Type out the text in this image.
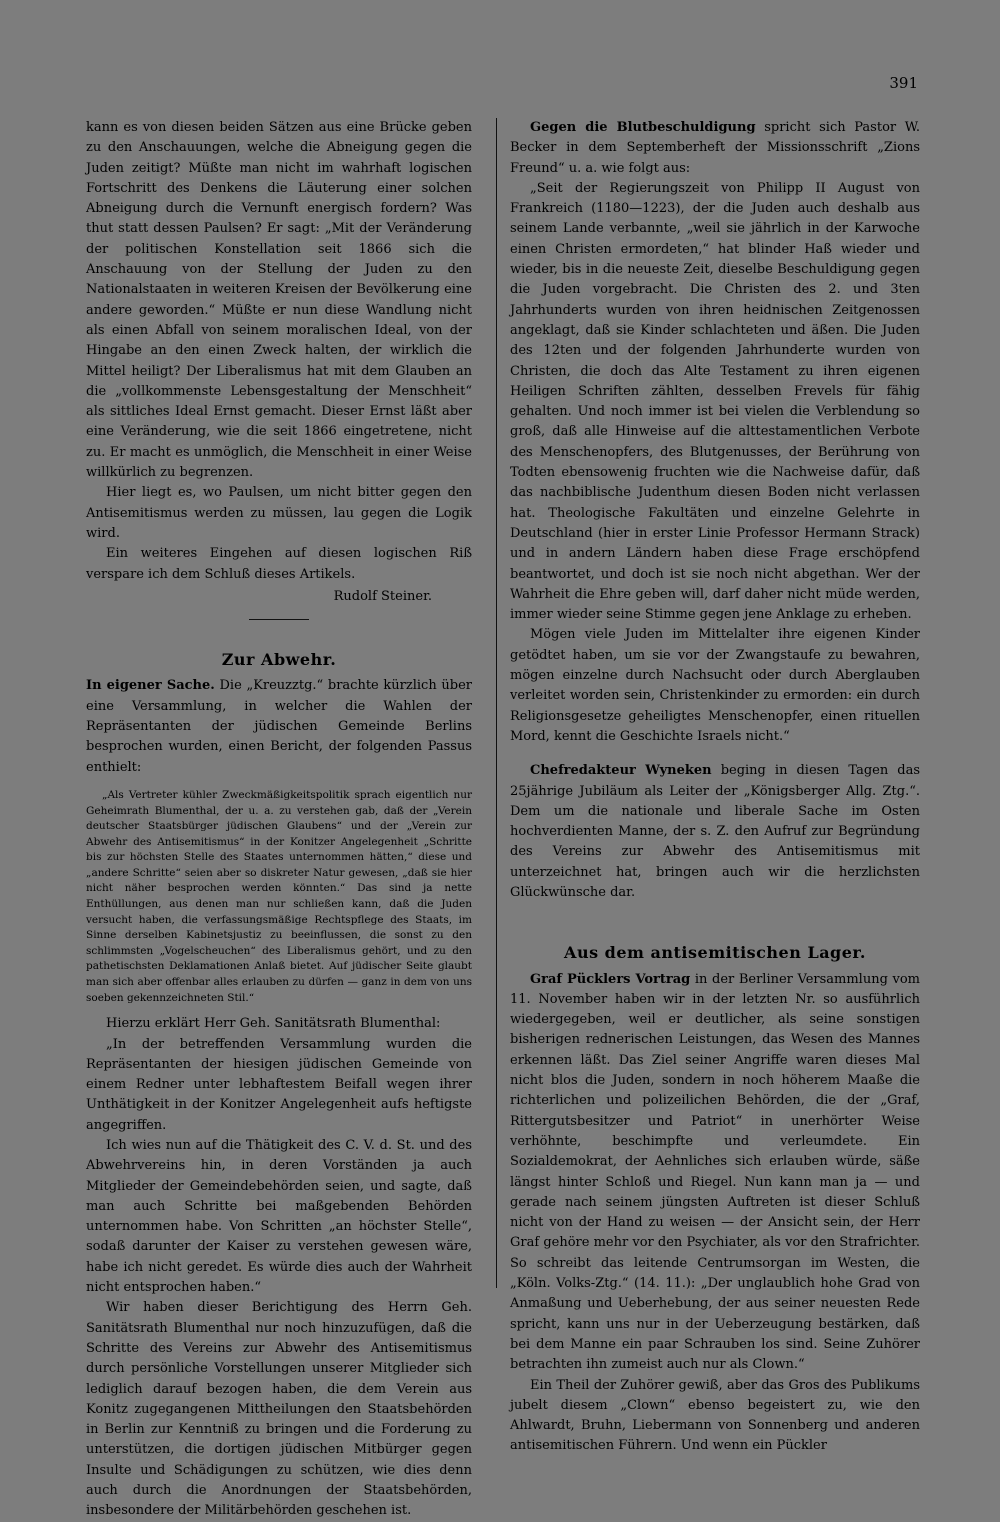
391

kann es von diesen beiden Sätzen aus eine Brücke geben zu den Anschauungen, welche die Abneigung gegen die Juden zeitigt? Müßte man nicht im wahrhaft logischen Fortschritt des Denkens die Läuterung einer solchen Abneigung durch die Vernunft energisch fordern? Was thut statt dessen Paulsen? Er sagt: „Mit der Veränderung der politischen Konstellation seit 1866 sich die Anschauung von der Stellung der Juden zu den Nationalstaaten in weiteren Kreisen der Bevölkerung eine andere geworden.“ Müßte er nun diese Wandlung nicht als einen Abfall von seinem moralischen Ideal, von der Hingabe an den einen Zweck halten, der wirklich die Mittel heiligt? Der Liberalismus hat mit dem Glauben an die „vollkommenste Lebensgestaltung der Menschheit“ als sittliches Ideal Ernst gemacht. Dieser Ernst läßt aber eine Veränderung, wie die seit 1866 eingetretene, nicht zu. Er macht es unmöglich, die Menschheit in einer Weise willkürlich zu begrenzen.

Hier liegt es, wo Paulsen, um nicht bitter gegen den Antisemitismus werden zu müssen, lau gegen die Logik wird.

Ein weiteres Eingehen auf diesen logischen Riß verspare ich dem Schluß dieses Artikels.

Rudolf Steiner.

Zur Abwehr.

In eigener Sache. Die „Kreuzztg.“ brachte kürzlich über eine Versammlung, in welcher die Wahlen der Repräsentanten der jüdischen Gemeinde Berlins besprochen wurden, einen Bericht, der folgenden Passus enthielt:

„Als Vertreter kühler Zweckmäßigkeitspolitik sprach eigentlich nur Geheimrath Blumenthal, der u. a. zu verstehen gab, daß der „Verein deutscher Staatsbürger jüdischen Glaubens“ und der „Verein zur Abwehr des Antisemitismus“ in der Konitzer Angelegenheit „Schritte bis zur höchsten Stelle des Staates unternommen hätten,“ diese und „andere Schritte“ seien aber so diskreter Natur gewesen, „daß sie hier nicht näher besprochen werden könnten.“ Das sind ja nette Enthüllungen, aus denen man nur schließen kann, daß die Juden versucht haben, die verfassungsmäßige Rechtspflege des Staats, im Sinne derselben Kabinetsjustiz zu beeinflussen, die sonst zu den schlimmsten „Vogelscheuchen“ des Liberalismus gehört, und zu den pathetischsten Deklamationen Anlaß bietet. Auf jüdischer Seite glaubt man sich aber offenbar alles erlauben zu dürfen — ganz in dem von uns soeben gekennzeichneten Stil.“

Hierzu erklärt Herr Geh. Sanitätsrath Blumenthal:

„In der betreffenden Versammlung wurden die Repräsentanten der hiesigen jüdischen Gemeinde von einem Redner unter lebhaftestem Beifall wegen ihrer Unthätigkeit in der Konitzer Angelegenheit aufs heftigste angegriffen.

Ich wies nun auf die Thätigkeit des C. V. d. St. und des Abwehrvereins hin, in deren Vorständen ja auch Mitglieder der Gemeindebehörden seien, und sagte, daß man auch Schritte bei maßgebenden Behörden unternommen habe. Von Schritten „an höchster Stelle“, sodaß darunter der Kaiser zu verstehen gewesen wäre, habe ich nicht geredet. Es würde dies auch der Wahrheit nicht entsprochen haben.“

Wir haben dieser Berichtigung des Herrn Geh. Sanitätsrath Blumenthal nur noch hinzuzufügen, daß die Schritte des Vereins zur Abwehr des Antisemitismus durch persönliche Vorstellungen unserer Mitglieder sich lediglich darauf bezogen haben, die dem Verein aus Konitz zugegangenen Mittheilungen den Staatsbehörden in Berlin zur Kenntniß zu bringen und die Forderung zu unterstützen, die dortigen jüdischen Mitbürger gegen Insulte und Schädigungen zu schützen, wie dies denn auch durch die Anordnungen der Staatsbehörden, insbesondere der Militärbehörden geschehen ist.

Gegen die Blutbeschuldigung spricht sich Pastor W. Becker in dem Septemberheft der Missionsschrift „Zions Freund“ u. a. wie folgt aus:

„Seit der Regierungszeit von Philipp II August von Frankreich (1180—1223), der die Juden auch deshalb aus seinem Lande verbannte, „weil sie jährlich in der Karwoche einen Christen ermordeten,“ hat blinder Haß wieder und wieder, bis in die neueste Zeit, dieselbe Beschuldigung gegen die Juden vorgebracht. Die Christen des 2. und 3ten Jahrhunderts wurden von ihren heidnischen Zeitgenossen angeklagt, daß sie Kinder schlachteten und äßen. Die Juden des 12ten und der folgenden Jahrhunderte wurden von Christen, die doch das Alte Testament zu ihren eigenen Heiligen Schriften zählten, desselben Frevels für fähig gehalten. Und noch immer ist bei vielen die Verblendung so groß, daß alle Hinweise auf die alttestamentlichen Verbote des Menschenopfers, des Blutgenusses, der Berührung von Todten ebensowenig fruchten wie die Nachweise dafür, daß das nachbiblische Judenthum diesen Boden nicht verlassen hat. Theologische Fakultäten und einzelne Gelehrte in Deutschland (hier in erster Linie Professor Hermann Strack) und in andern Ländern haben diese Frage erschöpfend beantwortet, und doch ist sie noch nicht abgethan. Wer der Wahrheit die Ehre geben will, darf daher nicht müde werden, immer wieder seine Stimme gegen jene Anklage zu erheben.

Mögen viele Juden im Mittelalter ihre eigenen Kinder getödtet haben, um sie vor der Zwangstaufe zu bewahren, mögen einzelne durch Nachsucht oder durch Aberglauben verleitet worden sein, Christenkinder zu ermorden: ein durch Religionsgesetze geheiligtes Menschenopfer, einen rituellen Mord, kennt die Geschichte Israels nicht.“

Chefredakteur Wyneken beging in diesen Tagen das 25jährige Jubiläum als Leiter der „Königsberger Allg. Ztg.“. Dem um die nationale und liberale Sache im Osten hochverdienten Manne, der s. Z. den Aufruf zur Begründung des Vereins zur Abwehr des Antisemitismus mit unterzeichnet hat, bringen auch wir die herzlichsten Glückwünsche dar.

Aus dem antisemitischen Lager.

Graf Pücklers Vortrag in der Berliner Versammlung vom 11. November haben wir in der letzten Nr. so ausführlich wiedergegeben, weil er deutlicher, als seine sonstigen bisherigen rednerischen Leistungen, das Wesen des Mannes erkennen läßt. Das Ziel seiner Angriffe waren dieses Mal nicht blos die Juden, sondern in noch höherem Maaße die richterlichen und polizeilichen Behörden, die der „Graf, Rittergutsbesitzer und Patriot“ in unerhörter Weise verhöhnte, beschimpfte und verleumdete. Ein Sozialdemokrat, der Aehnliches sich erlauben würde, säße längst hinter Schloß und Riegel. Nun kann man ja — und gerade nach seinem jüngsten Auftreten ist dieser Schluß nicht von der Hand zu weisen — der Ansicht sein, der Herr Graf gehöre mehr vor den Psychiater, als vor den Strafrichter. So schreibt das leitende Centrumsorgan im Westen, die „Köln. Volks-Ztg.“ (14. 11.): „Der unglaublich hohe Grad von Anmaßung und Ueberhebung, der aus seiner neuesten Rede spricht, kann uns nur in der Ueberzeugung bestärken, daß bei dem Manne ein paar Schrauben los sind. Seine Zuhörer betrachten ihn zumeist auch nur als Clown.“

Ein Theil der Zuhörer gewiß, aber das Gros des Publikums jubelt diesem „Clown“ ebenso begeistert zu, wie den Ahlwardt, Bruhn, Liebermann von Sonnenberg und anderen antisemitischen Führern. Und wenn ein Pückler
